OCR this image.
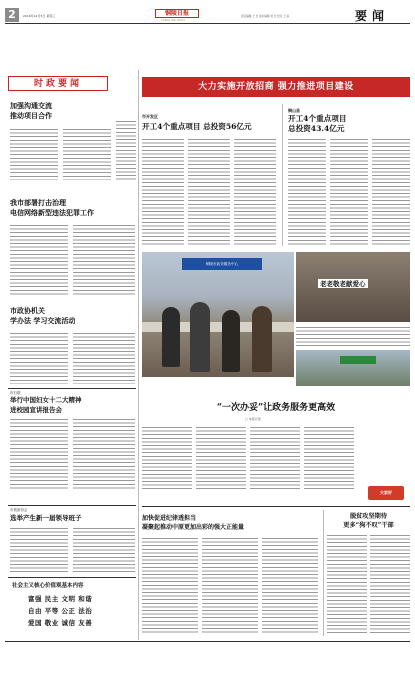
2	2018年12月5日 星期三	铜陵日报
TONGLING DAILY
责任编辑 王 吉 美术编辑 刘 尤 校对 王 丽	要闻
时政要闻
加强沟通交流
推动项目合作
我市部署打击治理
电信网络新型违法犯罪工作
市政协机关
学办法 学习交流活动
市妇联
举行中国妇女十二大精神
进校园宣讲报告会
市旅游协会
选举产生新一届领导班子
社会主义核心价值观基本内容
富强 民主 文明 和谐
自由 平等 公正 法治
爱国 敬业 诚信 友善
大力实施开放招商 强力推进项目建设
市开发区
开工4个重点项目 总投资56亿元
铜山县
开工4个重点项目
总投资43.4亿元
铜陵市政务服务中心
老老敬老献爱心
“一次办妥”让政务服务更高效
□ 本报记者
大家好
加快促进纪律透担当
凝聚起推动中原更加出彩的强大正能量
脱贫攻坚期待
更多“狗不叹”干部
